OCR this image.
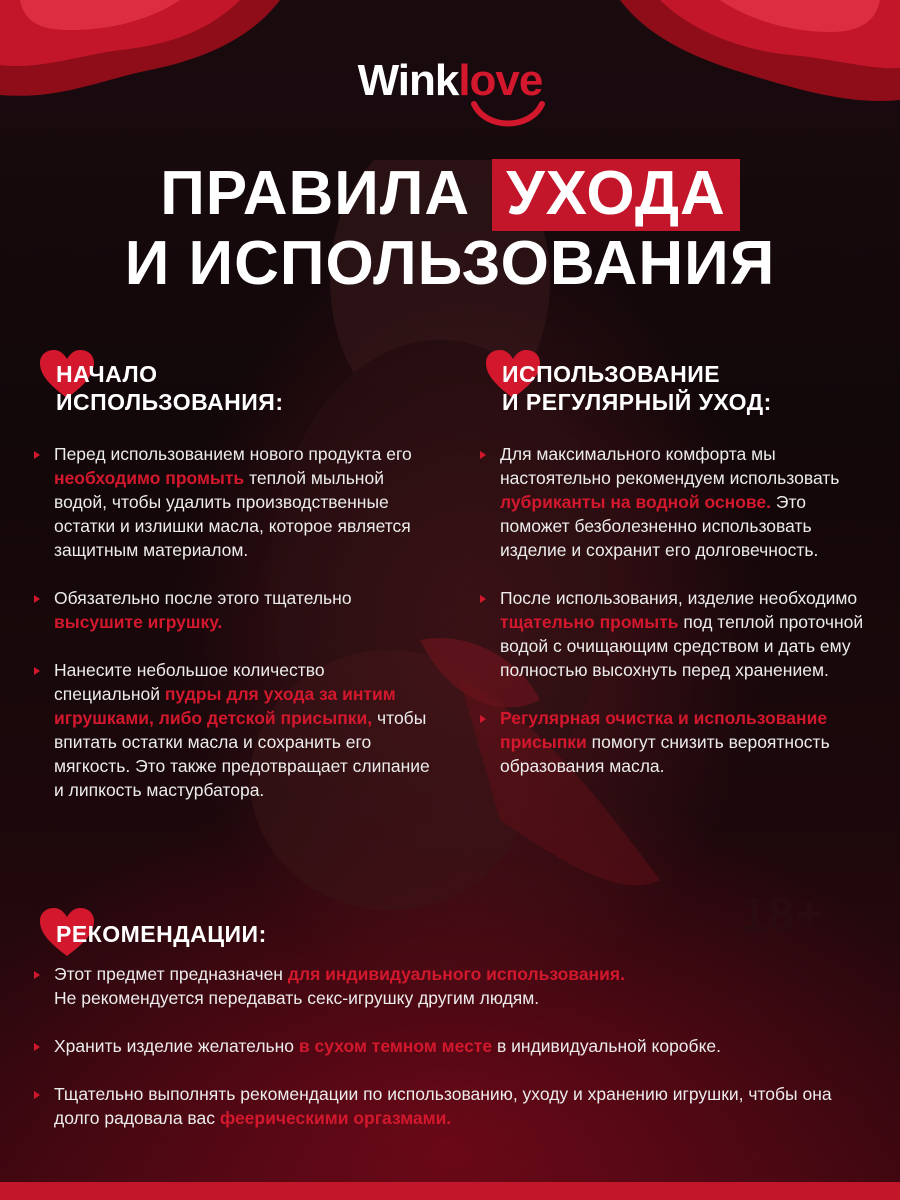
Winklove
ПРАВИЛА УХОДА
И ИСПОЛЬЗОВАНИЯ
НАЧАЛО
ИСПОЛЬЗОВАНИЯ:
Перед использованием нового продукта его необходимо промыть теплой мыльной водой, чтобы удалить производственные остатки и излишки масла, которое является защитным материалом.
Обязательно после этого тщательно высушите игрушку.
Нанесите небольшое количество специальной пудры для ухода за интим игрушками, либо детской присыпки, чтобы впитать остатки масла и сохранить его мягкость. Это также предотвращает слипание и липкость мастурбатора.
ИСПОЛЬЗОВАНИЕ
И РЕГУЛЯРНЫЙ УХОД:
Для максимального комфорта мы настоятельно рекомендуем использовать лубриканты на водной основе. Это поможет безболезненно использовать изделие и сохранит его долговечность.
После использования, изделие необходимо тщательно промыть под теплой проточной водой с очищающим средством и дать ему полностью высохнуть перед хранением.
Регулярная очистка и использование присыпки помогут снизить вероятность образования масла.
18+
РЕКОМЕНДАЦИИ:
Этот предмет предназначен для индивидуального использования.
Не рекомендуется передавать секс-игрушку другим людям.
Хранить изделие желательно в сухом темном месте в индивидуальной коробке.
Тщательно выполнять рекомендации по использованию, уходу и хранению игрушки, чтобы она долго радовала вас феерическими оргазмами.
